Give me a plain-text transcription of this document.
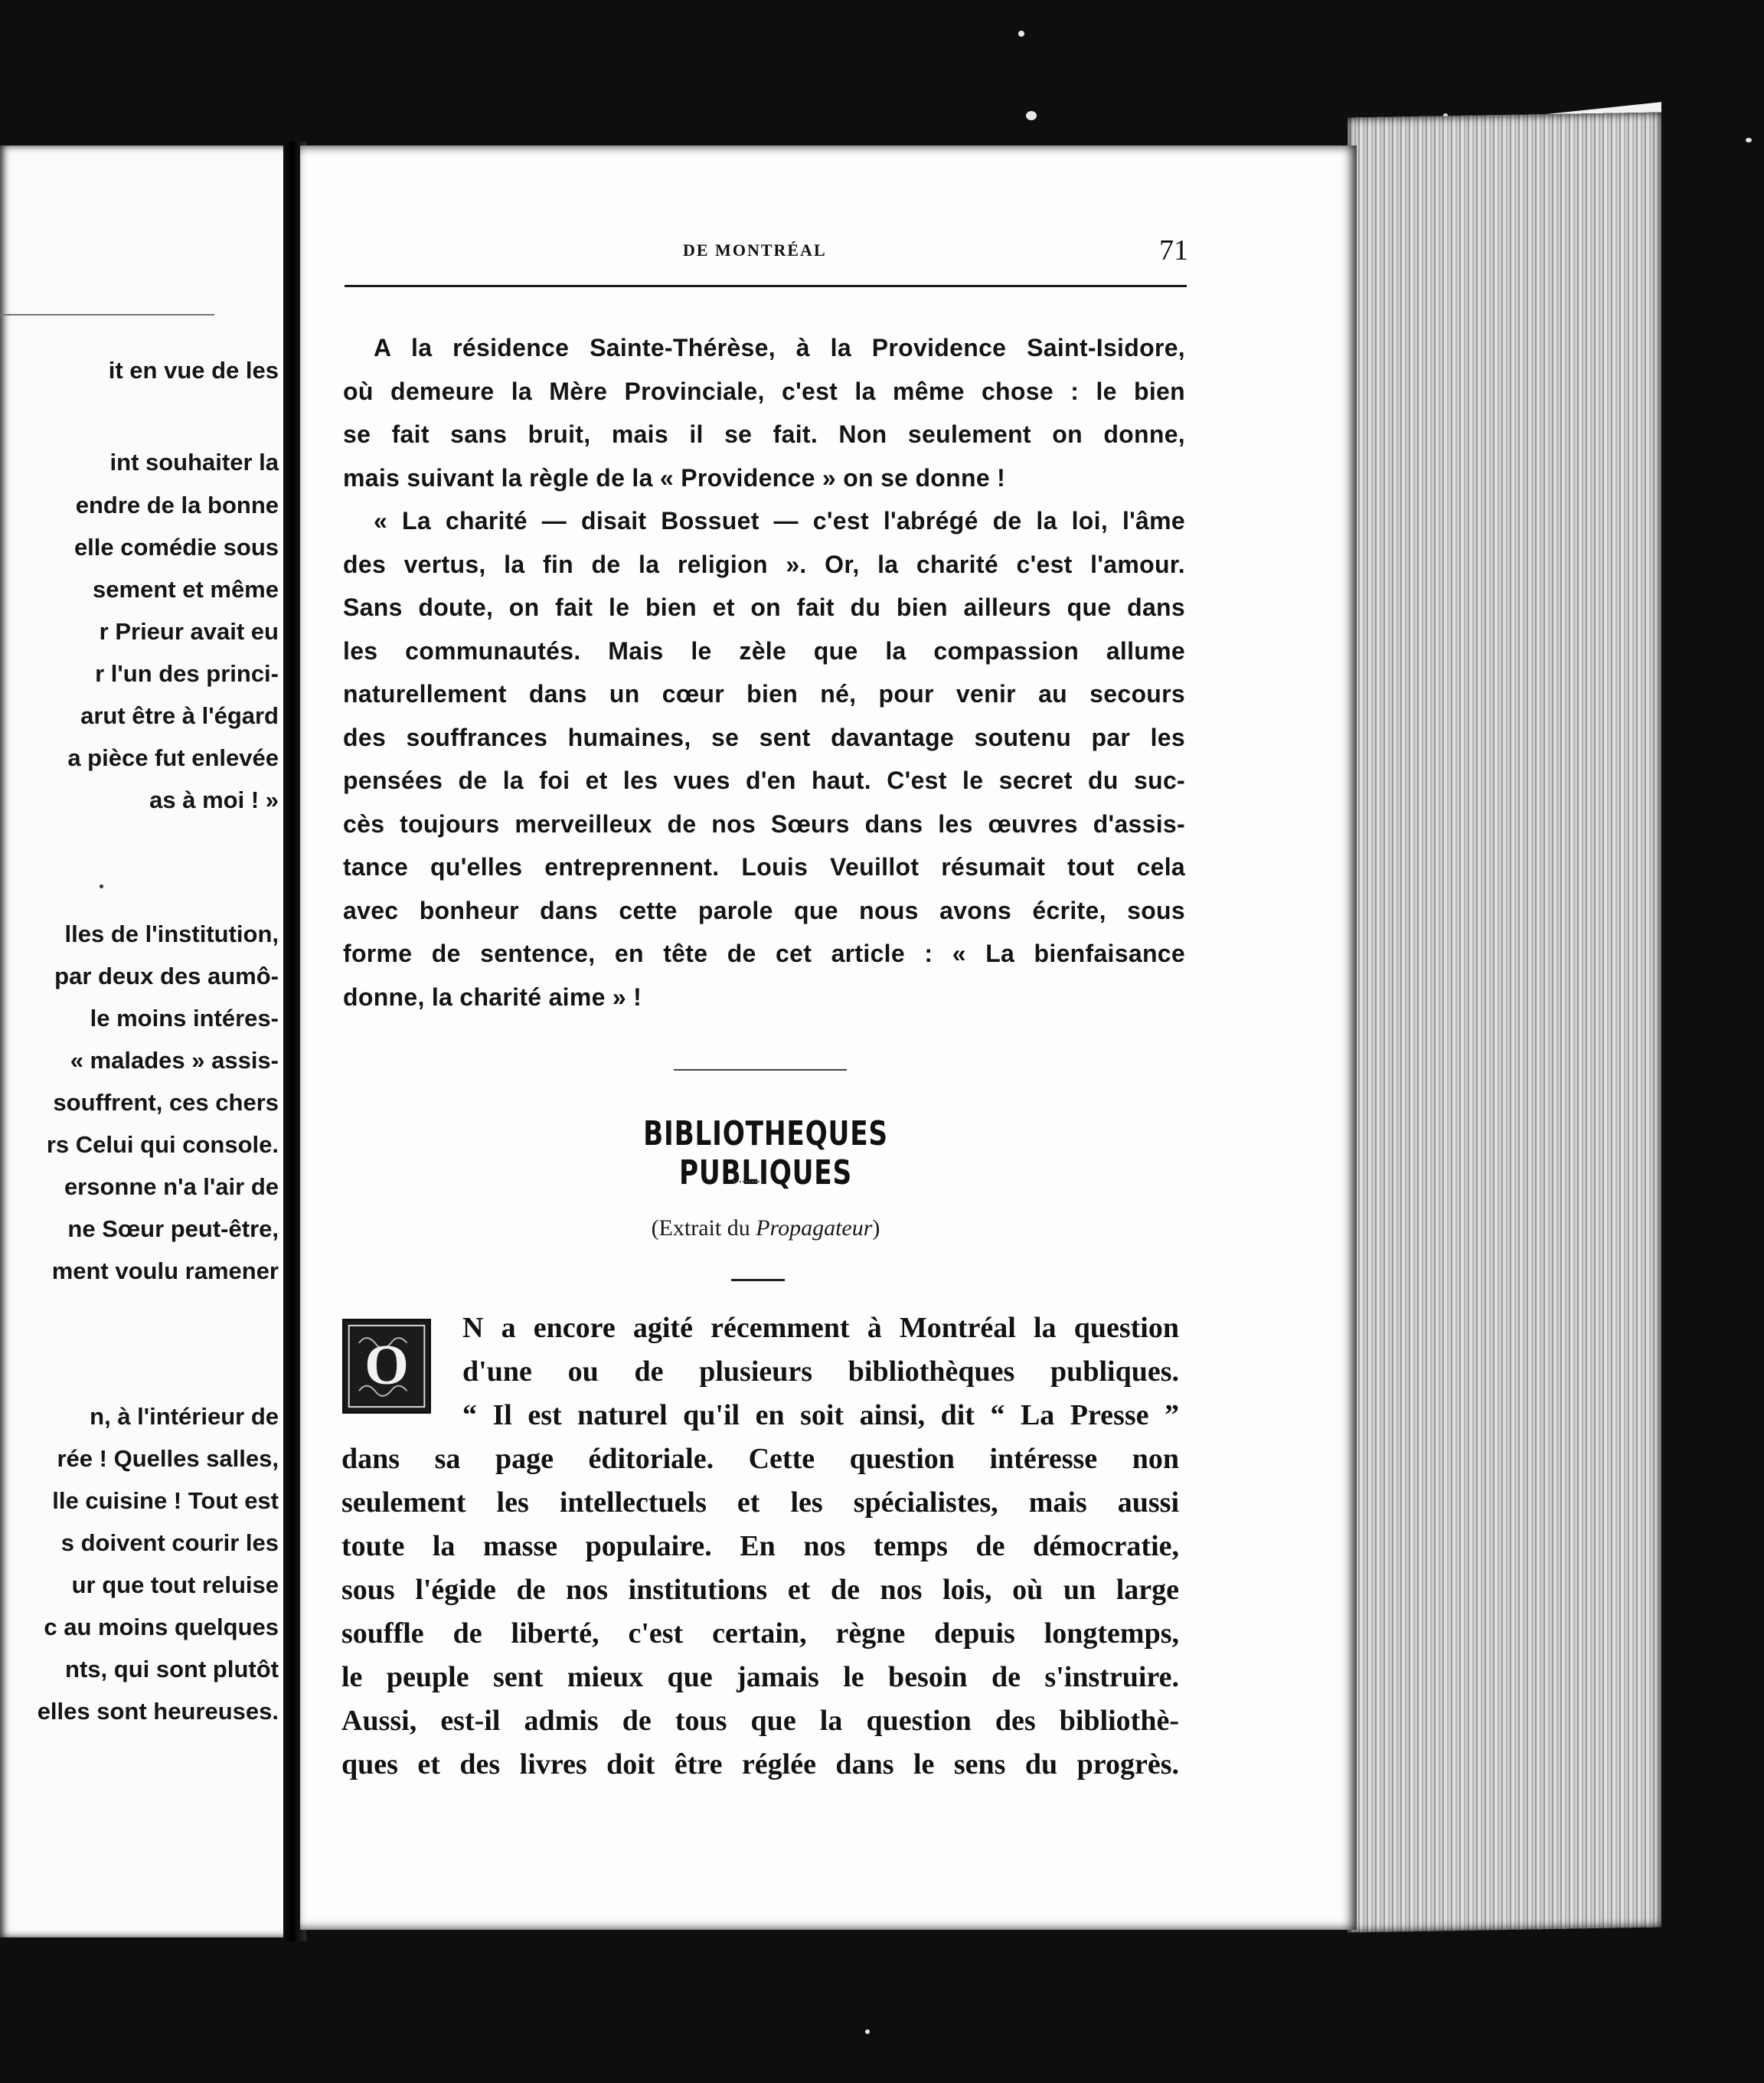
it en vue de les
int souhaiter la
endre de la bonne
elle comédie sous
sement et même
r Prieur avait eu
r l'un des princi-
arut être à l'égard
a pièce fut enlevée
as à moi ! »
lles de l'institution,
par deux des aumô-
le moins intéres-
« malades » assis-
souffrent, ces chers
rs Celui qui console.
ersonne n'a l'air de
ne Sœur peut-être,
ment voulu ramener
n, à l'intérieur de
rée ! Quelles salles,
lle cuisine ! Tout est
s doivent courir les
ur que tout reluise
c au moins quelques
nts, qui sont plutôt
elles sont heureuses.
DE MONTRÉAL	71
A la résidence Sainte-Thérèse, à la Providence Saint-Isidore,
où demeure la Mère Provinciale, c'est la même chose : le bien
se fait sans bruit, mais il se fait. Non seulement on donne,
mais suivant la règle de la « Providence » on se donne !
« La charité — disait Bossuet — c'est l'abrégé de la loi, l'âme
des vertus, la fin de la religion ». Or, la charité c'est l'amour.
Sans doute, on fait le bien et on fait du bien ailleurs que dans
les communautés. Mais le zèle que la compassion allume
naturellement dans un cœur bien né, pour venir au secours
des souffrances humaines, se sent davantage soutenu par les
pensées de la foi et les vues d'en haut. C'est le secret du suc-
cès toujours merveilleux de nos Sœurs dans les œuvres d'assis-
tance qu'elles entreprennent. Louis Veuillot résumait tout cela
avec bonheur dans cette parole que nous avons écrite, sous
forme de sentence, en tête de cet article : « La bienfaisance
donne, la charité aime » !
BIBLIOTHEQUES PUBLIQUES
(Extrait du Propagateur)
O
N a encore agité récemment à Montréal la question
d'une ou de plusieurs bibliothèques publiques.
“ Il est naturel qu'il en soit ainsi, dit “ La Presse ”
dans sa page éditoriale. Cette question intéresse non
seulement les intellectuels et les spécialistes, mais aussi
toute la masse populaire. En nos temps de démocratie,
sous l'égide de nos institutions et de nos lois, où un large
souffle de liberté, c'est certain, règne depuis longtemps,
le peuple sent mieux que jamais le besoin de s'instruire.
Aussi, est-il admis de tous que la question des bibliothè-
ques et des livres doit être réglée dans le sens du progrès.
